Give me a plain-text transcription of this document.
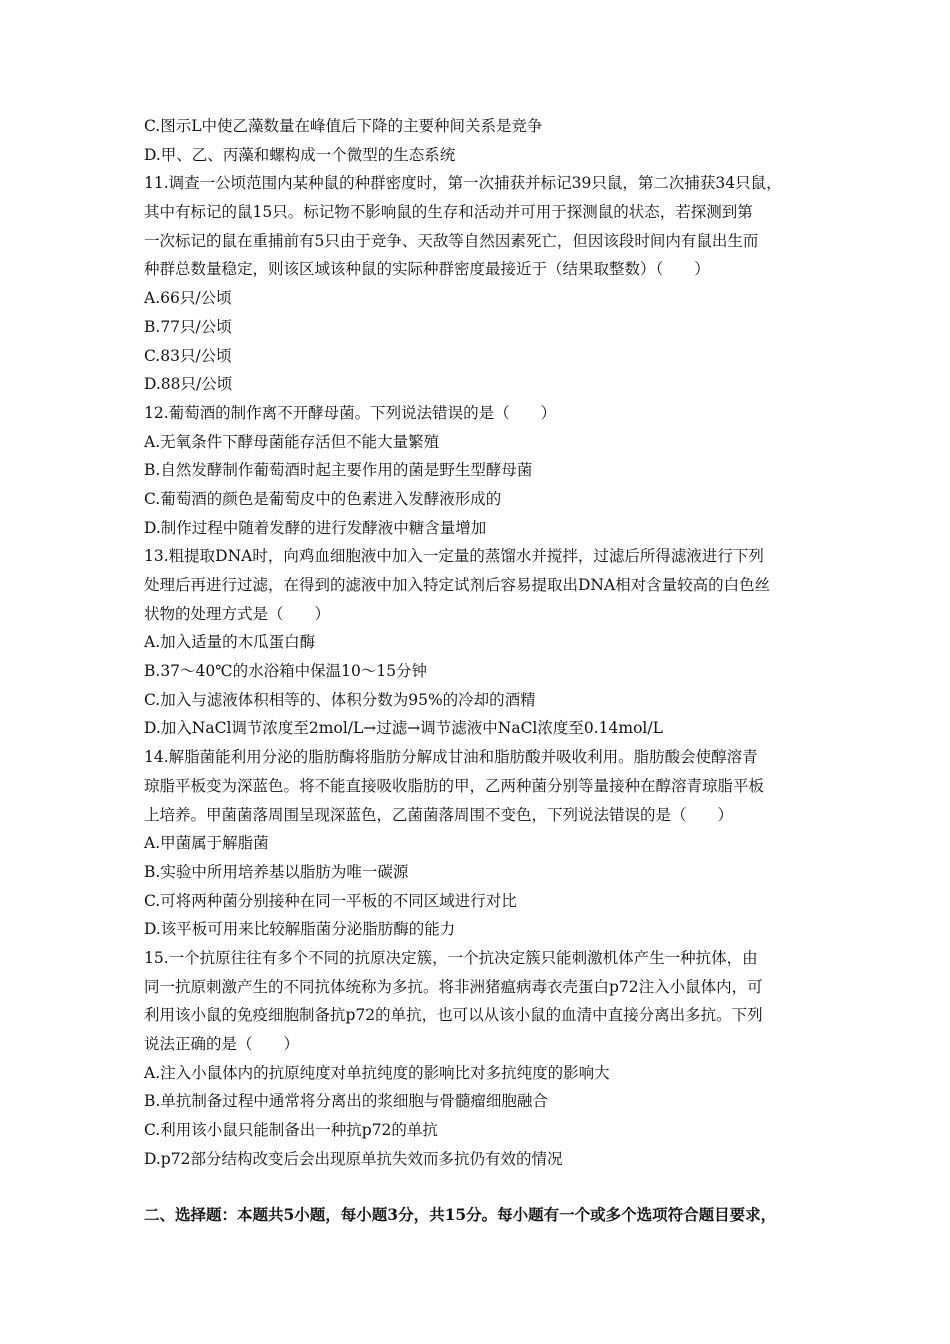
C.图示L中使乙藻数量在峰值后下降的主要种间关系是竞争
D.甲、乙、丙藻和螺构成一个微型的生态系统
11.调查一公顷范围内某种鼠的种群密度时，第一次捕获并标记39只鼠，第二次捕获34只鼠，
其中有标记的鼠15只。标记物不影响鼠的生存和活动并可用于探测鼠的状态，若探测到第
一次标记的鼠在重捕前有5只由于竞争、天敌等自然因素死亡，但因该段时间内有鼠出生而
种群总数量稳定，则该区域该种鼠的实际种群密度最接近于（结果取整数）（　　）
A.66只/公顷
B.77只/公顷
C.83只/公顷
D.88只/公顷
12.葡萄酒的制作离不开酵母菌。下列说法错误的是（　　）
A.无氧条件下酵母菌能存活但不能大量繁殖
B.自然发酵制作葡萄酒时起主要作用的菌是野生型酵母菌
C.葡萄酒的颜色是葡萄皮中的色素进入发酵液形成的
D.制作过程中随着发酵的进行发酵液中糖含量增加
13.粗提取DNA时，向鸡血细胞液中加入一定量的蒸馏水并搅拌，过滤后所得滤液进行下列
处理后再进行过滤，在得到的滤液中加入特定试剂后容易提取出DNA相对含量较高的白色丝
状物的处理方式是（　　）
A.加入适量的木瓜蛋白酶
B.37～40℃的水浴箱中保温10～15分钟
C.加入与滤液体积相等的、体积分数为95%的冷却的酒精
D.加入NaCl调节浓度至2mol/L→过滤→调节滤液中NaCl浓度至0.14mol/L
14.解脂菌能利用分泌的脂肪酶将脂肪分解成甘油和脂肪酸并吸收利用。脂肪酸会使醇溶青
琼脂平板变为深蓝色。将不能直接吸收脂肪的甲，乙两种菌分别等量接种在醇溶青琼脂平板
上培养。甲菌菌落周围呈现深蓝色，乙菌菌落周围不变色，下列说法错误的是（　　）
A.甲菌属于解脂菌
B.实验中所用培养基以脂肪为唯一碳源
C.可将两种菌分别接种在同一平板的不同区域进行对比
D.该平板可用来比较解脂菌分泌脂肪酶的能力
15.一个抗原往往有多个不同的抗原决定簇，一个抗决定簇只能刺激机体产生一种抗体，由
同一抗原刺激产生的不同抗体统称为多抗。将非洲猪瘟病毒衣壳蛋白p72注入小鼠体内，可
利用该小鼠的免疫细胞制备抗p72的单抗，也可以从该小鼠的血清中直接分离出多抗。下列
说法正确的是（　　）
A.注入小鼠体内的抗原纯度对单抗纯度的影响比对多抗纯度的影响大
B.单抗制备过程中通常将分离出的浆细胞与骨髓瘤细胞融合
C.利用该小鼠只能制备出一种抗p72的单抗
D.p72部分结构改变后会出现原单抗失效而多抗仍有效的情况
二、选择题：本题共5小题，每小题3分，共15分。每小题有一个或多个选项符合题目要求，
